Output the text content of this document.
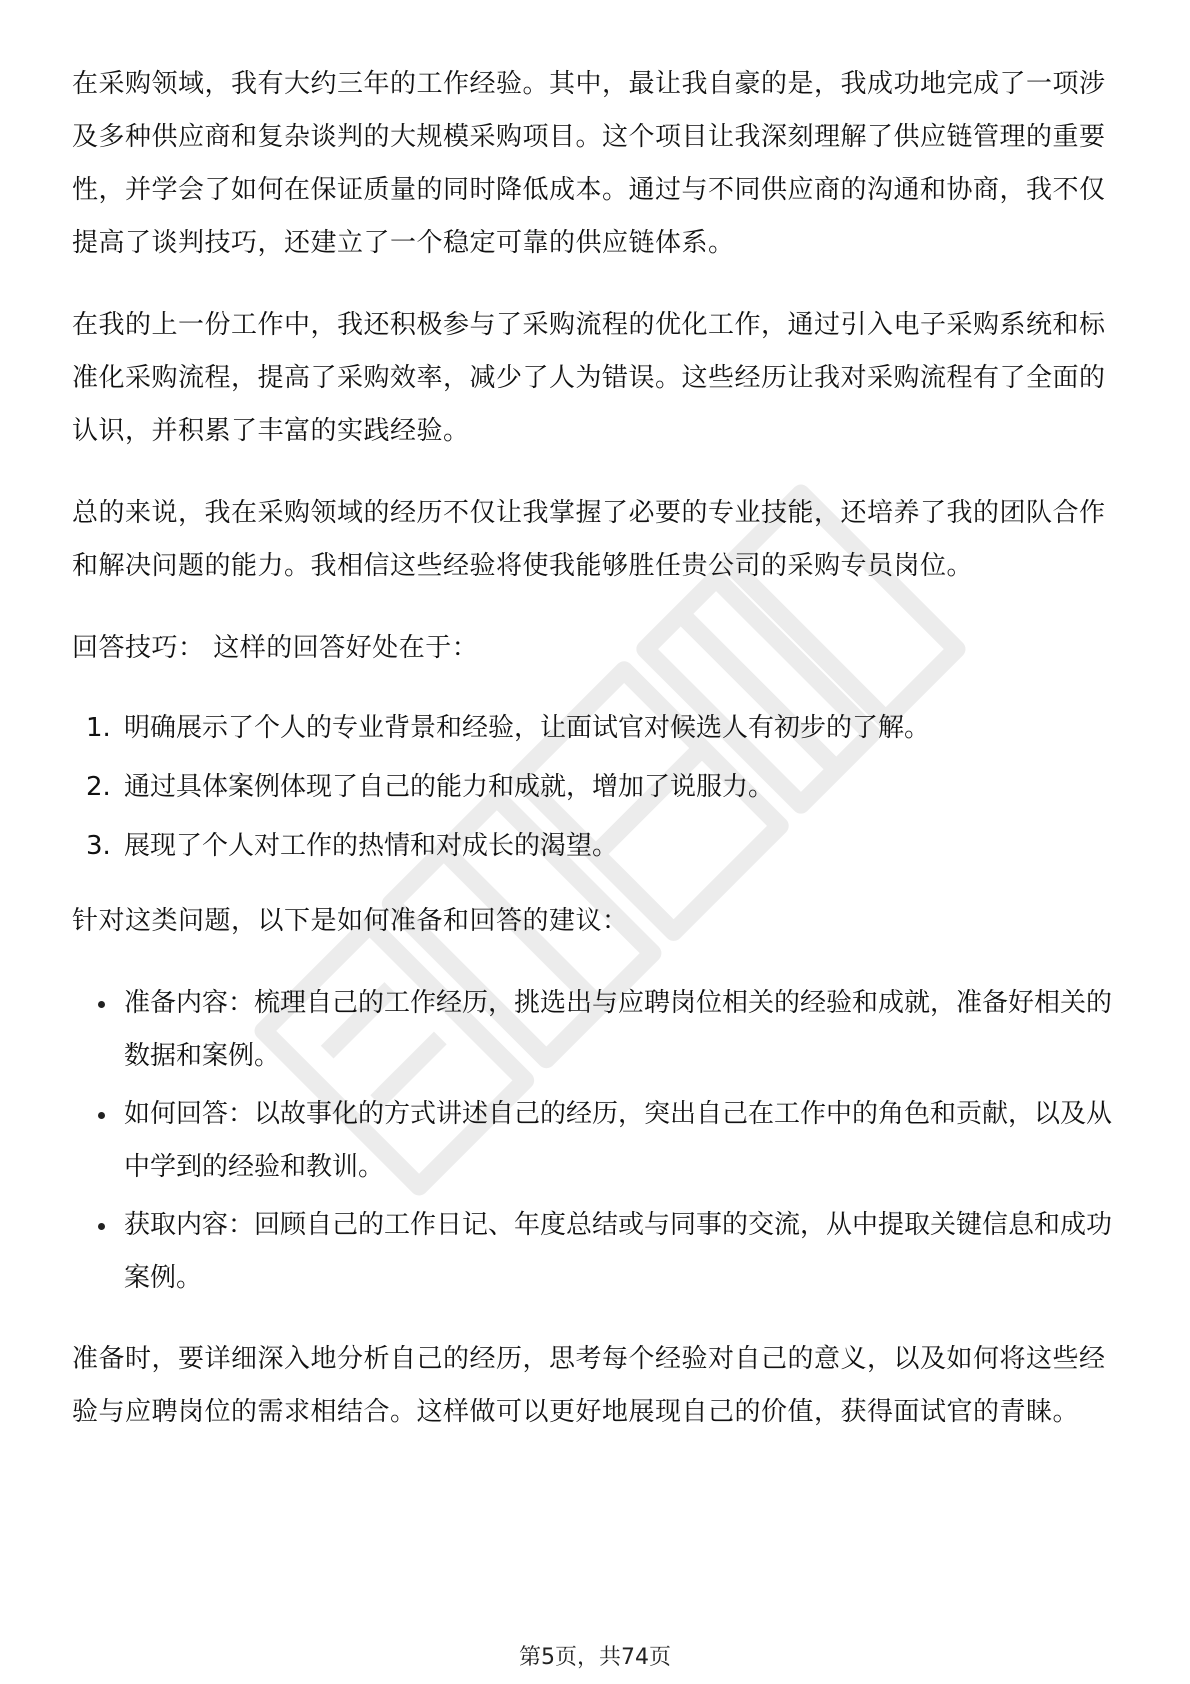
在采购领域，我有大约三年的工作经验。其中，最让我自豪的是，我成功地完成了一项涉及多种供应商和复杂谈判的大规模采购项目。这个项目让我深刻理解了供应链管理的重要性，并学会了如何在保证质量的同时降低成本。通过与不同供应商的沟通和协商，我不仅提高了谈判技巧，还建立了一个稳定可靠的供应链体系。

在我的上一份工作中，我还积极参与了采购流程的优化工作，通过引入电子采购系统和标准化采购流程，提高了采购效率，减少了人为错误。这些经历让我对采购流程有了全面的认识，并积累了丰富的实践经验。

总的来说，我在采购领域的经历不仅让我掌握了必要的专业技能，还培养了我的团队合作和解决问题的能力。我相信这些经验将使我能够胜任贵公司的采购专员岗位。

回答技巧： 这样的回答好处在于：

1. 明确展示了个人的专业背景和经验，让面试官对候选人有初步的了解。
2. 通过具体案例体现了自己的能力和成就，增加了说服力。
3. 展现了个人对工作的热情和对成长的渴望。

针对这类问题，以下是如何准备和回答的建议：

准备内容：梳理自己的工作经历，挑选出与应聘岗位相关的经验和成就，准备好相关的数据和案例。
如何回答：以故事化的方式讲述自己的经历，突出自己在工作中的角色和贡献，以及从中学到的经验和教训。
获取内容：回顾自己的工作日记、年度总结或与同事的交流，从中提取关键信息和成功案例。

准备时，要详细深入地分析自己的经历，思考每个经验对自己的意义，以及如何将这些经验与应聘岗位的需求相结合。这样做可以更好地展现自己的价值，获得面试官的青睐。

第5页，共74页
